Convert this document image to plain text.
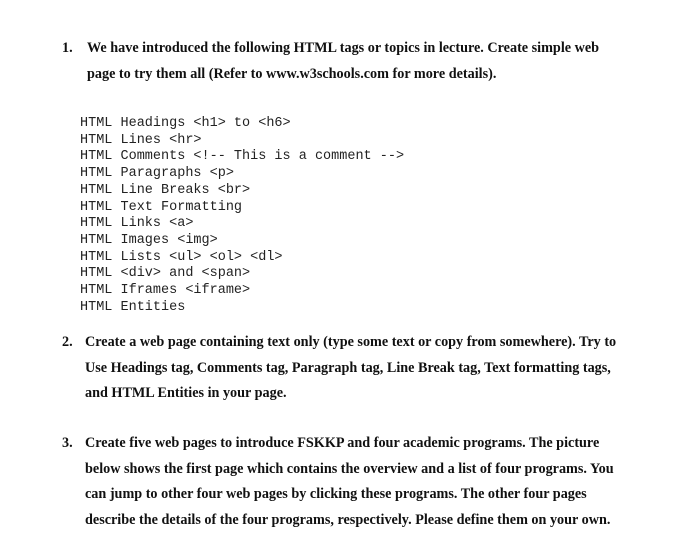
1. We have introduced the following HTML tags or topics in lecture. Create simple web
page to try them all (Refer to www.w3schools.com for more details).
HTML Headings <h1> to <h6>
HTML Lines <hr>
HTML Comments <!-- This is a comment -->
HTML Paragraphs <p>
HTML Line Breaks <br>
HTML Text Formatting
HTML Links <a>
HTML Images <img>
HTML Lists <ul> <ol> <dl>
HTML <div> and <span>
HTML Iframes <iframe>
HTML Entities
2. Create a web page containing text only (type some text or copy from somewhere). Try to
Use Headings tag, Comments tag, Paragraph tag, Line Break tag, Text formatting tags,
and HTML Entities in your page.
3. Create five web pages to introduce FSKKP and four academic programs. The picture
below shows the first page which contains the overview and a list of four programs. You
can jump to other four web pages by clicking these programs. The other four pages
describe the details of the four programs, respectively. Please define them on your own.
